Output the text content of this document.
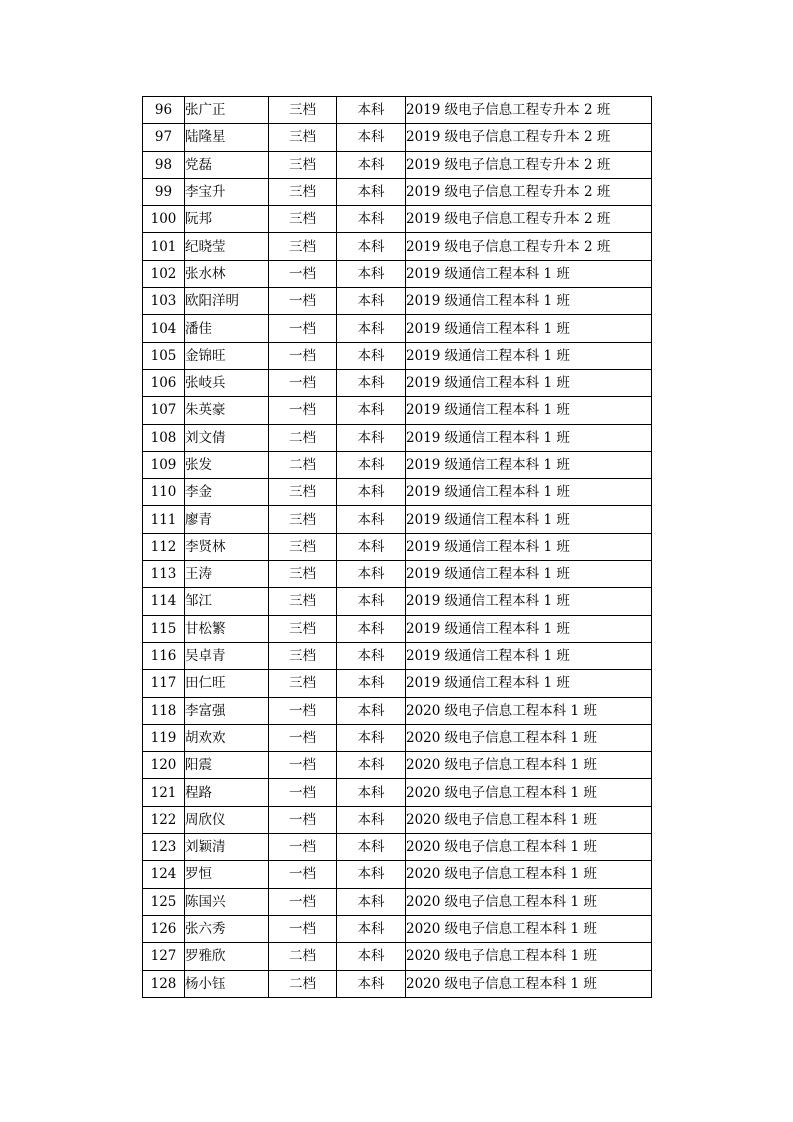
96	张广正	三档	本科	2019 级电子信息工程专升本 2 班
97	陆隆星	三档	本科	2019 级电子信息工程专升本 2 班
98	党磊	三档	本科	2019 级电子信息工程专升本 2 班
99	李宝升	三档	本科	2019 级电子信息工程专升本 2 班
100	阮邦	三档	本科	2019 级电子信息工程专升本 2 班
101	纪晓莹	三档	本科	2019 级电子信息工程专升本 2 班
102	张水林	一档	本科	2019 级通信工程本科 1 班
103	欧阳洋明	一档	本科	2019 级通信工程本科 1 班
104	潘佳	一档	本科	2019 级通信工程本科 1 班
105	金锦旺	一档	本科	2019 级通信工程本科 1 班
106	张岐兵	一档	本科	2019 级通信工程本科 1 班
107	朱英豪	一档	本科	2019 级通信工程本科 1 班
108	刘文倩	二档	本科	2019 级通信工程本科 1 班
109	张发	二档	本科	2019 级通信工程本科 1 班
110	李金	三档	本科	2019 级通信工程本科 1 班
111	廖青	三档	本科	2019 级通信工程本科 1 班
112	李贤林	三档	本科	2019 级通信工程本科 1 班
113	王涛	三档	本科	2019 级通信工程本科 1 班
114	邹江	三档	本科	2019 级通信工程本科 1 班
115	甘松繁	三档	本科	2019 级通信工程本科 1 班
116	吴卓青	三档	本科	2019 级通信工程本科 1 班
117	田仁旺	三档	本科	2019 级通信工程本科 1 班
118	李富强	一档	本科	2020 级电子信息工程本科 1 班
119	胡欢欢	一档	本科	2020 级电子信息工程本科 1 班
120	阳震	一档	本科	2020 级电子信息工程本科 1 班
121	程路	一档	本科	2020 级电子信息工程本科 1 班
122	周欣仪	一档	本科	2020 级电子信息工程本科 1 班
123	刘颖清	一档	本科	2020 级电子信息工程本科 1 班
124	罗恒	一档	本科	2020 级电子信息工程本科 1 班
125	陈国兴	一档	本科	2020 级电子信息工程本科 1 班
126	张六秀	一档	本科	2020 级电子信息工程本科 1 班
127	罗雅欣	二档	本科	2020 级电子信息工程本科 1 班
128	杨小钰	二档	本科	2020 级电子信息工程本科 1 班
